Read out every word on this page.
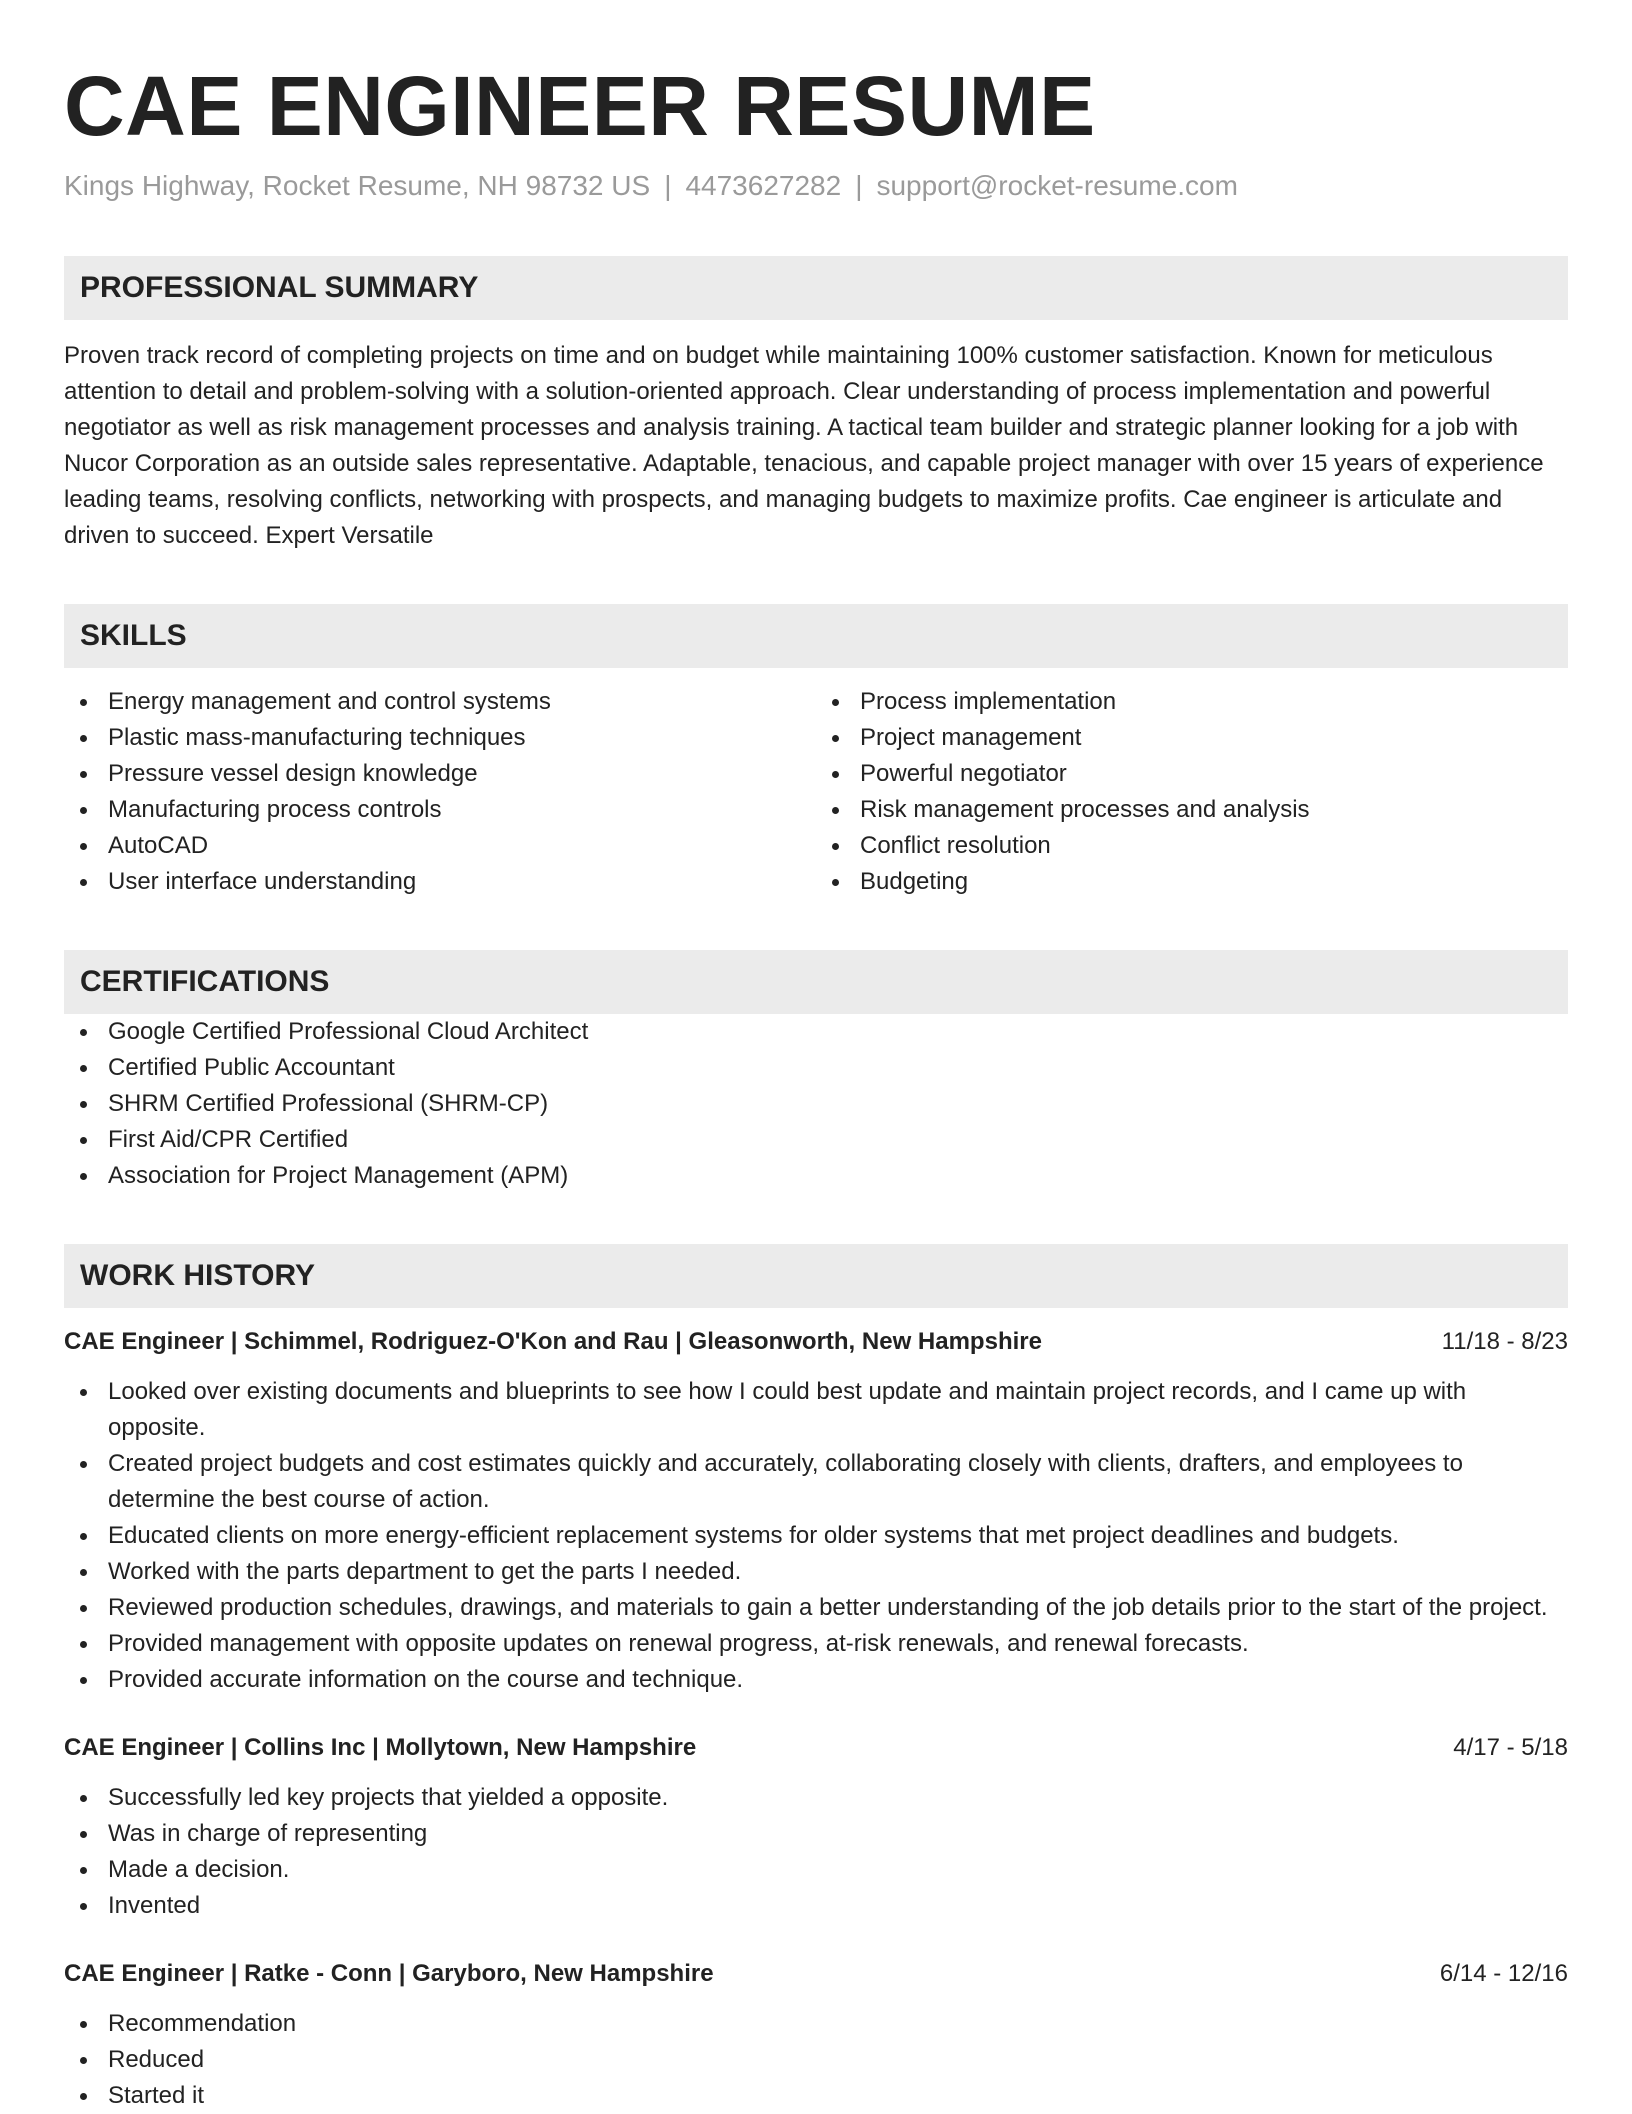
CAE ENGINEER RESUME
Kings Highway, Rocket Resume, NH 98732 US | 4473627282 | support@rocket-resume.com
PROFESSIONAL SUMMARY

Proven track record of completing projects on time and on budget while maintaining 100% customer satisfaction. Known for meticulous attention to detail and problem-solving with a solution-oriented approach. Clear understanding of process implementation and powerful negotiator as well as risk management processes and analysis training. A tactical team builder and strategic planner looking for a job with Nucor Corporation as an outside sales representative. Adaptable, tenacious, and capable project manager with over 15 years of experience leading teams, resolving conflicts, networking with prospects, and managing budgets to maximize profits. Cae engineer is articulate and driven to succeed. Expert Versatile

SKILLS
Energy management and control systems
Plastic mass-manufacturing techniques
Pressure vessel design knowledge
Manufacturing process controls
AutoCAD
User interface understanding
Process implementation
Project management
Powerful negotiator
Risk management processes and analysis
Conflict resolution
Budgeting
CERTIFICATIONS
Google Certified Professional Cloud Architect
Certified Public Accountant
SHRM Certified Professional (SHRM-CP)
First Aid/CPR Certified
Association for Project Management (APM)
WORK HISTORY
CAE Engineer | Schimmel, Rodriguez-O'Kon and Rau | Gleasonworth, New Hampshire	11/18 - 8/23
Looked over existing documents and blueprints to see how I could best update and maintain project records, and I came up with opposite.
Created project budgets and cost estimates quickly and accurately, collaborating closely with clients, drafters, and employees to determine the best course of action.
Educated clients on more energy-efficient replacement systems for older systems that met project deadlines and budgets.
Worked with the parts department to get the parts I needed.
Reviewed production schedules, drawings, and materials to gain a better understanding of the job details prior to the start of the project.
Provided management with opposite updates on renewal progress, at-risk renewals, and renewal forecasts.
Provided accurate information on the course and technique.
CAE Engineer | Collins Inc | Mollytown, New Hampshire	4/17 - 5/18
Successfully led key projects that yielded a opposite.
Was in charge of representing
Made a decision.
Invented
CAE Engineer | Ratke - Conn | Garyboro, New Hampshire	6/14 - 12/16
Recommendation
Reduced
Started it
